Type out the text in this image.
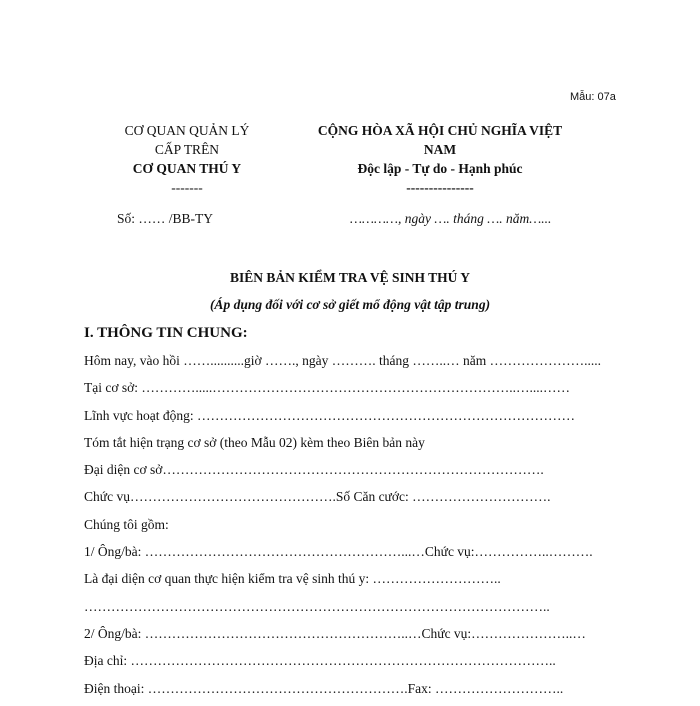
Mẫu: 07a
CƠ QUAN QUẢN LÝ
CẤP TRÊN
CƠ QUAN THÚ Y
-------
CỘNG HÒA XÃ HỘI CHỦ NGHĨA VIỆT
NAM
Độc lập - Tự do - Hạnh phúc
---------------
Số: …… /BB-TY	…………, ngày …. tháng …. năm…...
BIÊN BẢN KIỂM TRA VỆ SINH THÚ Y
(Áp dụng đối với cơ sở giết mổ động vật tập trung)
I. THÔNG TIN CHUNG:
Hôm nay, vào hồi ……..........giờ ……., ngày ………. tháng ……..… năm ………………….....
Tại cơ sở: ………….....…………………………………………………………..…....……
Lĩnh vực hoạt động: …………………………………………………………………………
Tóm tắt hiện trạng cơ sở (theo Mẫu 02) kèm theo Biên bản này
Đại diện cơ sở………………………………………………………………………….
Chức vụ……………………………………….Số Căn cước: ………………………….
Chúng tôi gồm:
1/ Ông/bà: …………………………………………………...…Chức vụ:……………..……….
Là đại diện cơ quan thực hiện kiểm tra vệ sinh thú y: ………………………..
…………………………………………………………………………………………..
2/ Ông/bà: …………………………………………………..…Chức vụ:…………………..…
Địa chỉ: …………………………………………………………………………………..
Điện thoại: ………………………………………………….Fax: ………………………..
